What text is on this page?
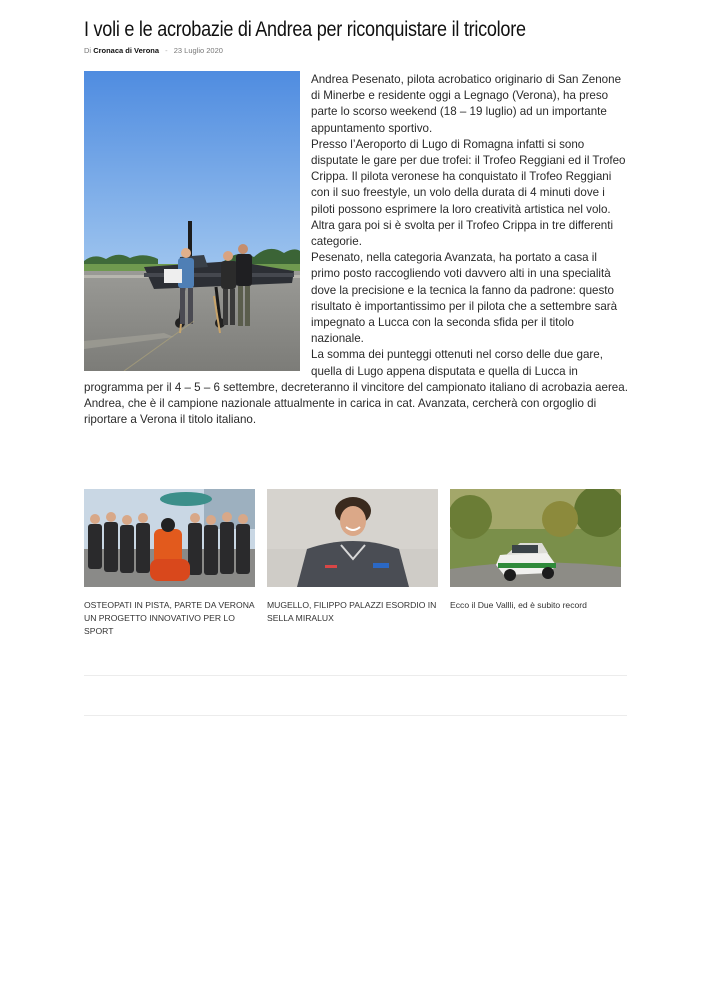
I voli e le acrobazie di Andrea per riconquistare il tricolore
Di Cronaca di Verona - 23 Luglio 2020

Andrea Pesenato, pilota acrobatico originario di San Zenone di Minerbe e residente oggi a Legnago (Verona), ha preso parte lo scorso weekend (18 – 19 luglio) ad un importante appuntamento sportivo.

Presso l’Aeroporto di Lugo di Romagna infatti si sono disputate le gare per due trofei: il Trofeo Reggiani ed il Trofeo Crippa. Il pilota veronese ha conquistato il Trofeo Reggiani con il suo freestyle, un volo della durata di 4 minuti dove i piloti possono esprimere la loro creatività artistica nel volo.

Altra gara poi si è svolta per il Trofeo Crippa in tre differenti categorie.

Pesenato, nella categoria Avanzata, ha portato a casa il primo posto raccogliendo voti davvero alti in una specialità dove la precisione e la tecnica la fanno da padrone: questo risultato è importantissimo per il pilota che a settembre sarà impegnato a Lucca con la seconda sfida per il titolo nazionale.

La somma dei punteggi ottenuti nel corso delle due gare, quella di Lugo appena disputata e quella di Lucca in programma per il 4 – 5 – 6 settembre, decreteranno il vincitore del campionato italiano di acrobazia aerea.

Andrea, che è il campione nazionale attualmente in carica in cat. Avanzata, cercherà con orgoglio di riportare a Verona il titolo italiano.

OSTEOPATI IN PISTA, PARTE DA VERONA UN PROGETTO INNOVATIVO PER LO SPORT
MUGELLO, FILIPPO PALAZZI ESORDIO IN SELLA MIRALUX
Ecco il Due Vallli, ed è subito record
